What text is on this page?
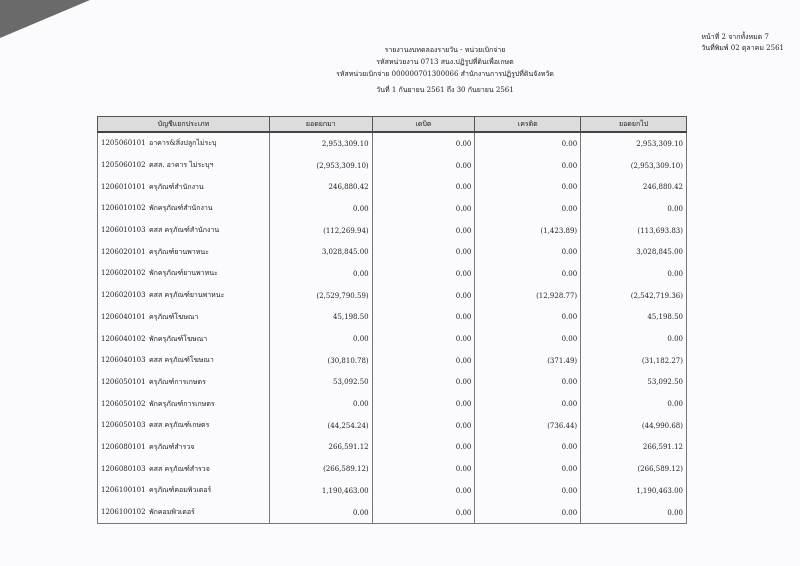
หน้าที่ 2 จากทั้งหมด 7
วันที่พิมพ์ 02 ตุลาคม 2561
รายงานงบทดลองรายวัน - หน่วยเบิกจ่าย
รหัสหน่วยงาน 0713 สนง.ปฏิรูปที่ดินเพื่อเกษต
รหัสหน่วยเบิกจ่าย 000000701300066 สำนักงานการปฏิรูปที่ดินจังหวัด
วันที่ 1 กันยายน 2561 ถึง 30 กันยายน 2561
บัญชีแยกประเภท	ยอดยกมา	เดบิต	เครดิต	ยอดยกไป
1205060101 อาคาร&สิ่งปลูกไม่ระบุ	2,953,309.10	0.00	0.00	2,953,309.10
1205060102 คสส. อาคาร ไม่ระบุฯ	(2,953,309.10)	0.00	0.00	(2,953,309.10)
1206010101 ครุภัณฑ์สำนักงาน	246,880.42	0.00	0.00	246,880.42
1206010102 พักครุภัณฑ์สำนักงาน	0.00	0.00	0.00	0.00
1206010103 คสส ครุภัณฑ์สำนักงาน	(112,269.94)	0.00	(1,423.89)	(113,693.83)
1206020101 ครุภัณฑ์ยานพาหนะ	3,028,845.00	0.00	0.00	3,028,845.00
1206020102 พักครุภัณฑ์ยานพาหนะ	0.00	0.00	0.00	0.00
1206020103 คสส ครุภัณฑ์ยานพาหนะ	(2,529,790.59)	0.00	(12,928.77)	(2,542,719.36)
1206040101 ครุภัณฑ์โฆษณา	45,198.50	0.00	0.00	45,198.50
1206040102 พักครุภัณฑ์โฆษณา	0.00	0.00	0.00	0.00
1206040103 คสส ครุภัณฑ์โฆษณา	(30,810.78)	0.00	(371.49)	(31,182.27)
1206050101 ครุภัณฑ์การเกษตร	53,092.50	0.00	0.00	53,092.50
1206050102 พักครุภัณฑ์การเกษตร	0.00	0.00	0.00	0.00
1206050103 คสส ครุภัณฑ์เกษตร	(44,254.24)	0.00	(736.44)	(44,990.68)
1206080101 ครุภัณฑ์สำรวจ	266,591.12	0.00	0.00	266,591.12
1206080103 คสส ครุภัณฑ์สำรวจ	(266,589.12)	0.00	0.00	(266,589.12)
1206100101 ครุภัณฑ์คอมพิวเตอร์	1,190,463.00	0.00	0.00	1,190,463.00
1206100102 พักคอมพิวเตอร์	0.00	0.00	0.00	0.00
